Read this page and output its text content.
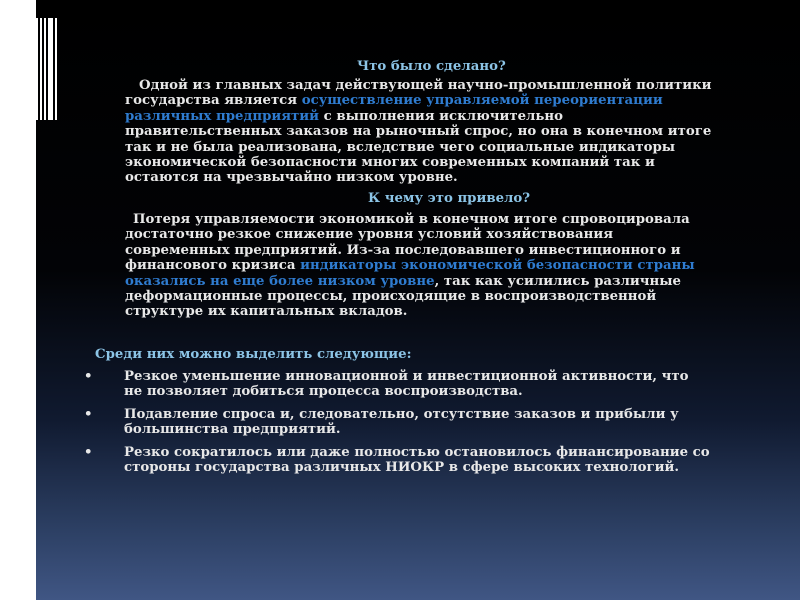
Что было сделано?
Одной из главных задач действующей научно-промышленной политики
государства является осуществление управляемой переориентации
различных предприятий с выполнения исключительно
правительственных заказов на рыночный спрос, но она в конечном итоге
так и не была реализована, вследствие чего социальные индикаторы
экономической безопасности многих современных компаний так и
остаются на чрезвычайно низком уровне.
К чему это привело?
Потеря управляемости экономикой в конечном итоге спровоцировала
достаточно резкое снижение уровня условий хозяйствования
современных предприятий. Из-за последовавшего инвестиционного и
финансового кризиса индикаторы экономической безопасности страны
оказались на еще более низком уровне, так как усилились различные
деформационные процессы, происходящие в воспроизводственной
структуре их капитальных вкладов.
Среди них можно выделить следующие:
• Резкое уменьшение инновационной и инвестиционной активности, что
не позволяет добиться процесса воспроизводства.
• Подавление спроса и, следовательно, отсутствие заказов и прибыли у
большинства предприятий.
• Резко сократилось или даже полностью остановилось финансирование со
стороны государства различных НИОКР в сфере высоких технологий.
